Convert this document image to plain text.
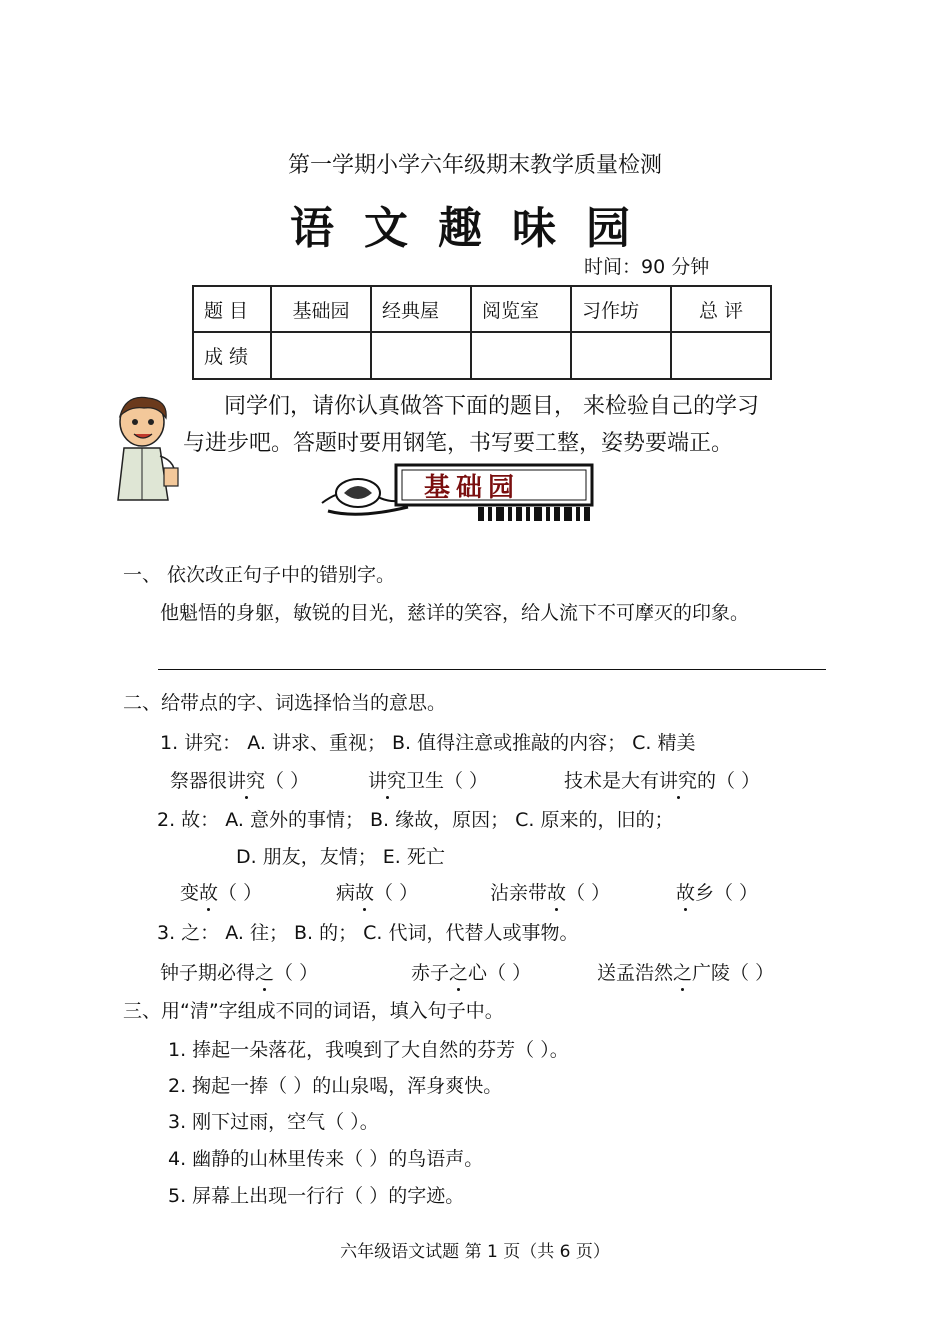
第一学期小学六年级期末教学质量检测
语文趣味园
时间：90 分钟
题 目	基础园	经典屋	阅览室	习作坊	总 评
成 绩					
同学们，请你认真做答下面的题目， 来检验自己的学习
与进步吧。答题时要用钢笔，书写要工整，姿势要端正。
基础园
一、 依次改正句子中的错别字。
他魁悟的身躯，敏锐的目光，慈详的笑容，给人流下不可摩灭的印象。
二、给带点的字、词选择恰当的意思。
1. 讲究： A. 讲求、重视； B. 值得注意或推敲的内容； C. 精美
祭器很讲究（ ）	讲究卫生（ ）	技术是大有讲究的（ ）
2. 故： A. 意外的事情； B. 缘故，原因； C. 原来的，旧的；
D. 朋友，友情； E. 死亡
变故（ ）	病故（ ）	沾亲带故（ ）	故乡（ ）
3. 之： A. 往； B. 的； C. 代词，代替人或事物。
钟子期必得之（ ）	赤子之心（ ）	送孟浩然之广陵（ ）
三、用“清”字组成不同的词语，填入句子中。
1. 捧起一朵落花，我嗅到了大自然的芬芳（ ）。
2. 掬起一捧（ ）的山泉喝，浑身爽快。
3. 刚下过雨，空气（ ）。
4. 幽静的山林里传来（ ）的鸟语声。
5. 屏幕上出现一行行（ ）的字迹。
六年级语文试题 第 1 页（共 6 页）
